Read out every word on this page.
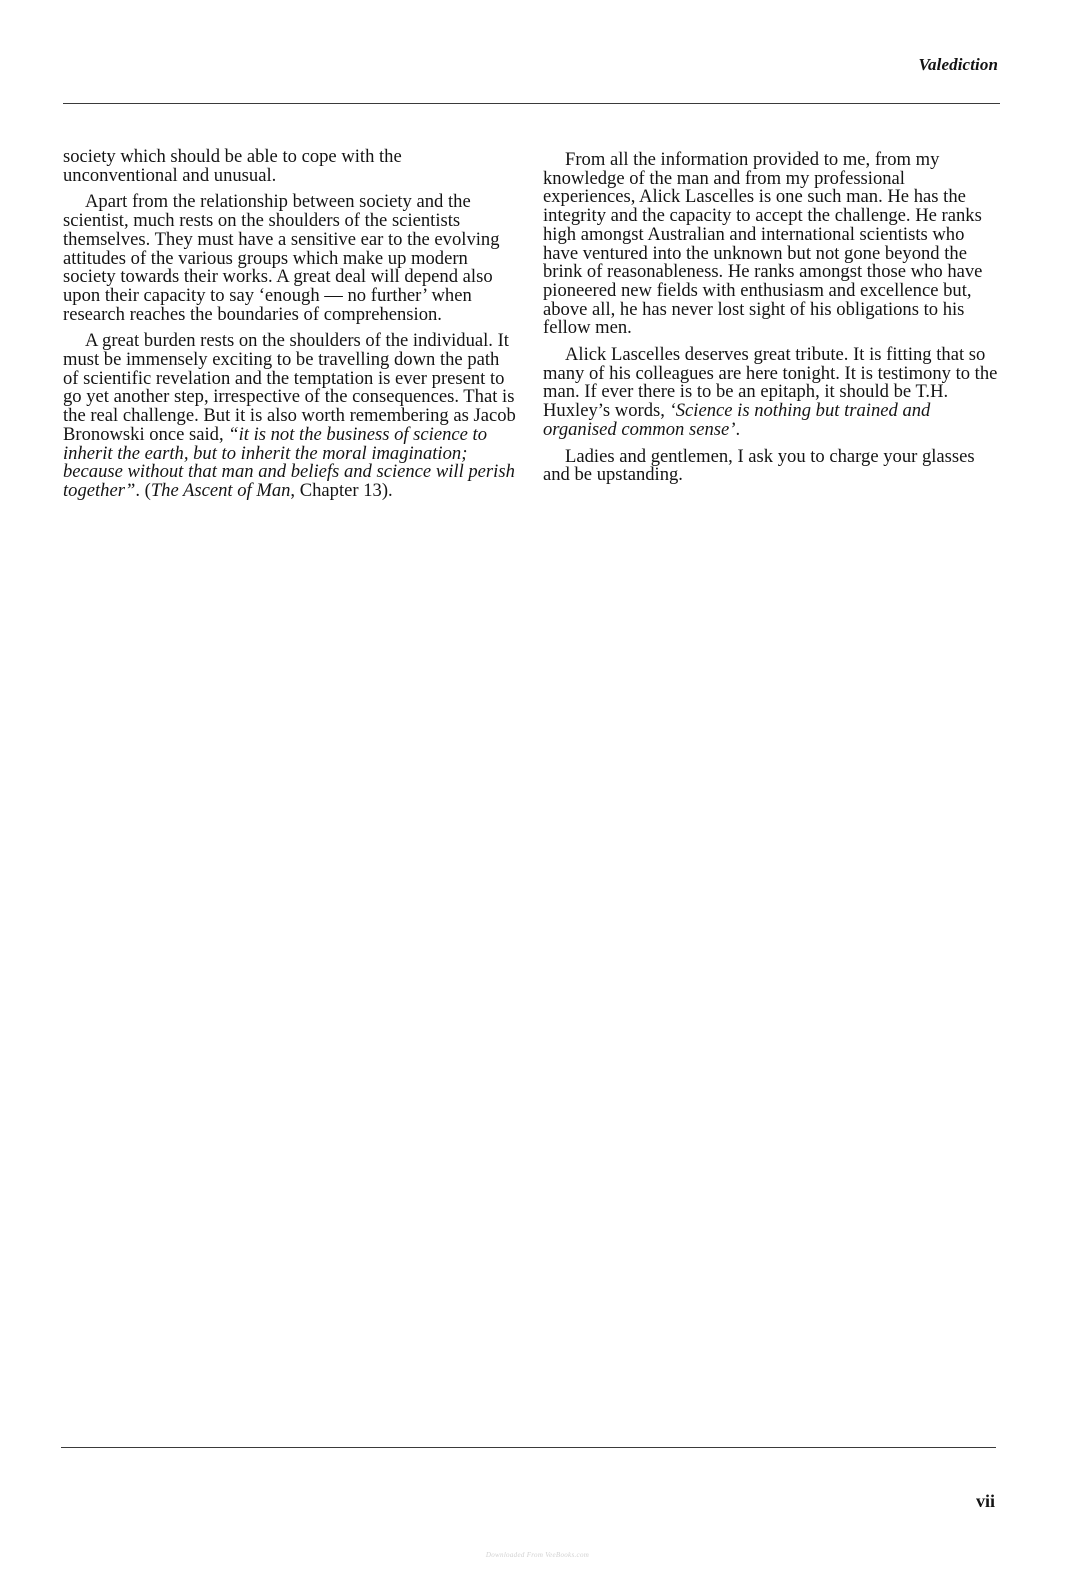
Valediction

society which should be able to cope with the unconventional and unusual.

Apart from the relationship between society and the scientist, much rests on the shoulders of the scientists themselves. They must have a sensitive ear to the evolving attitudes of the various groups which make up modern society towards their works. A great deal will depend also upon their capacity to say ‘enough — no further’ when research reaches the boundaries of comprehension.

A great burden rests on the shoulders of the individual. It must be immensely exciting to be travelling down the path of scientific revelation and the temptation is ever present to go yet another step, irrespective of the consequences. That is the real challenge. But it is also worth remembering as Jacob Bronowski once said, “it is not the business of science to inherit the earth, but to inherit the moral imagination; because without that man and beliefs and science will perish together”. (The Ascent of Man, Chapter 13).

From all the information provided to me, from my knowledge of the man and from my professional experiences, Alick Lascelles is one such man. He has the integrity and the capacity to accept the challenge. He ranks high amongst Australian and international scientists who have ventured into the unknown but not gone beyond the brink of reasonableness. He ranks amongst those who have pioneered new fields with enthusiasm and excellence but, above all, he has never lost sight of his obligations to his fellow men.

Alick Lascelles deserves great tribute. It is fitting that so many of his colleagues are here tonight. It is testimony to the man. If ever there is to be an epitaph, it should be T.H. Huxley’s words, ‘Science is nothing but trained and organised common sense’.

Ladies and gentlemen, I ask you to charge your glasses and be upstanding.

vii
Downloaded From VeeBooks.com
